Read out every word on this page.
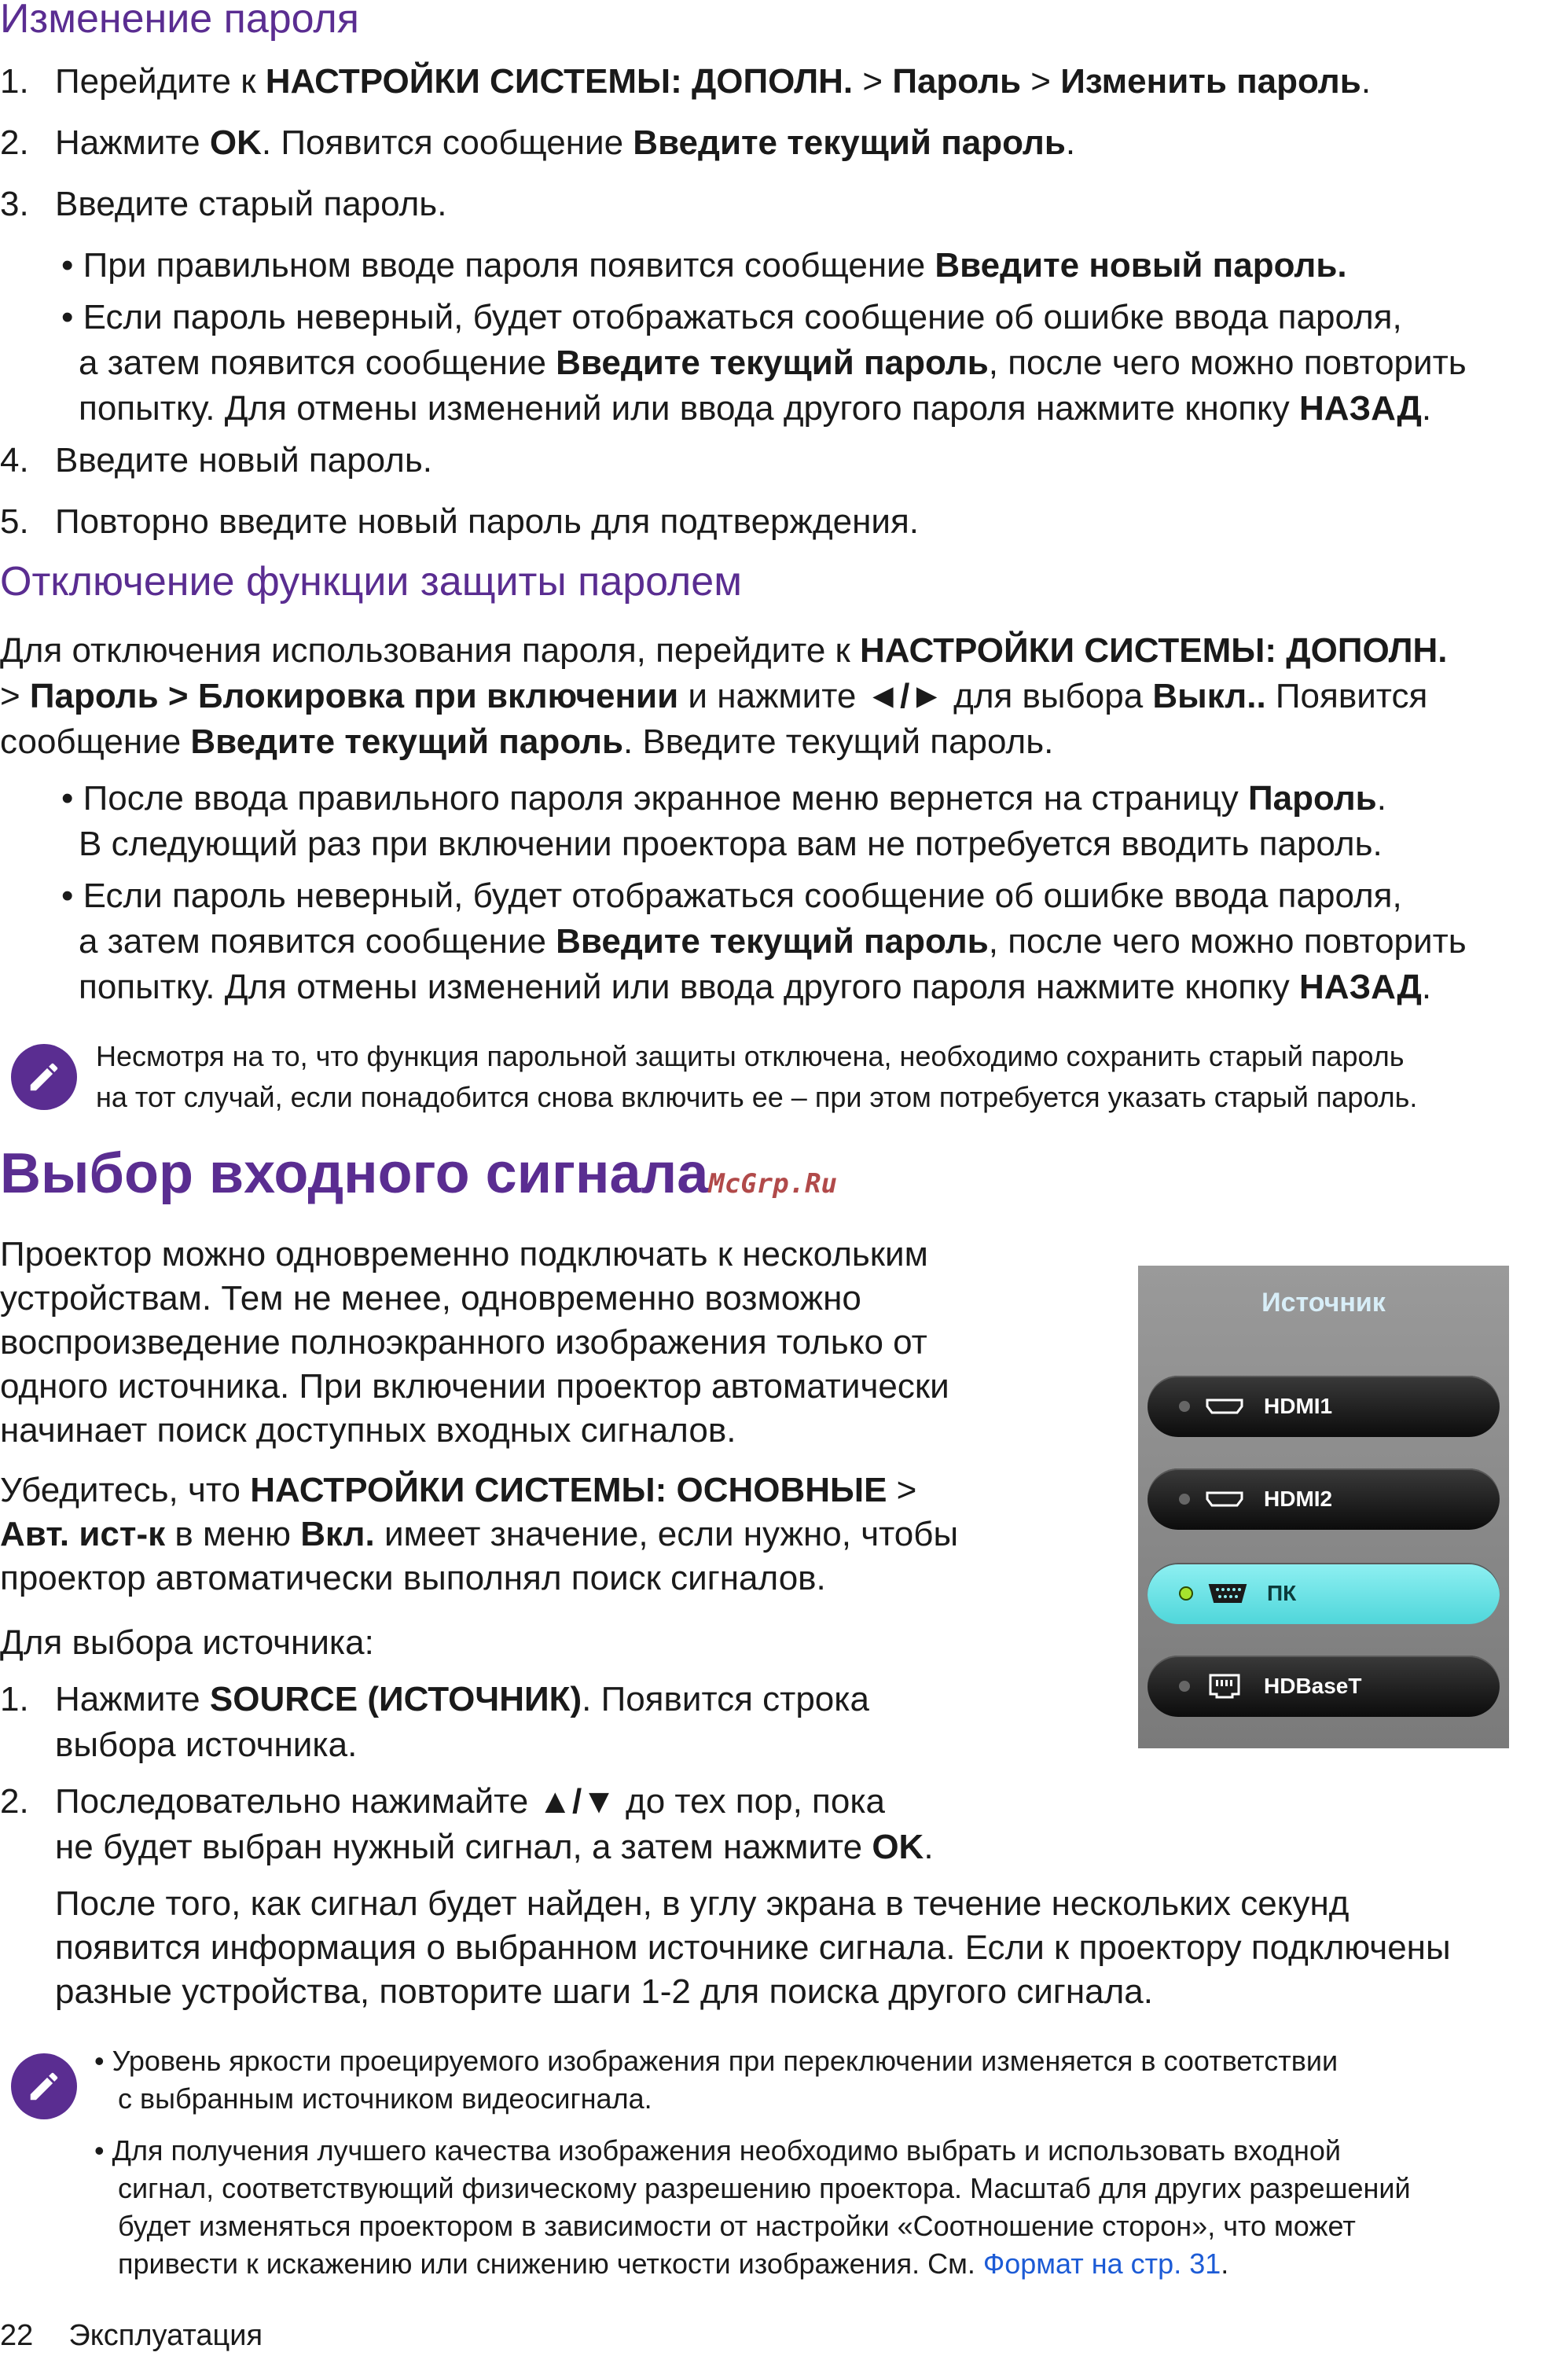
Изменение пароля

1. Перейдите к НАСТРОЙКИ СИСТЕМЫ: ДОПОЛН. > Пароль > Изменить пароль.

2. Нажмите OK. Появится сообщение Введите текущий пароль.

3. Введите старый пароль.

• При правильном вводе пароля появится сообщение Введите новый пароль.

• Если пароль неверный, будет отображаться сообщение об ошибке ввода пароля,

а затем появится сообщение Введите текущий пароль, после чего можно повторить

попытку. Для отмены изменений или ввода другого пароля нажмите кнопку НАЗАД.

4. Введите новый пароль.

5. Повторно введите новый пароль для подтверждения.

Отключение функции защиты паролем

Для отключения использования пароля, перейдите к НАСТРОЙКИ СИСТЕМЫ: ДОПОЛН.

> Пароль > Блокировка при включении и нажмите ◄/► для выбора Выкл.. Появится

сообщение Введите текущий пароль. Введите текущий пароль.

• После ввода правильного пароля экранное меню вернется на страницу Пароль.

В следующий раз при включении проектора вам не потребуется вводить пароль.

• Если пароль неверный, будет отображаться сообщение об ошибке ввода пароля,

а затем появится сообщение Введите текущий пароль, после чего можно повторить

попытку. Для отмены изменений или ввода другого пароля нажмите кнопку НАЗАД.

Несмотря на то, что функция парольной защиты отключена, необходимо сохранить старый пароль
на тот случай, если понадобится снова включить ее – при этом потребуется указать старый пароль.
Выбор входного сигналаMcGrp.Ru

Проектор можно одновременно подключать к нескольким

устройствам. Тем не менее, одновременно возможно

воспроизведение полноэкранного изображения только от

одного источника. При включении проектор автоматически

начинает поиск доступных входных сигналов.

Убедитесь, что НАСТРОЙКИ СИСТЕМЫ: ОСНОВНЫЕ >

Авт. ист-к в меню Вкл. имеет значение, если нужно, чтобы

проектор автоматически выполнял поиск сигналов.

Для выбора источника:

1. Нажмите SOURCE (ИСТОЧНИК). Появится строка

выбора источника.

2. Последовательно нажимайте ▲/▼ до тех пор, пока

не будет выбран нужный сигнал, а затем нажмите OK.

После того, как сигнал будет найден, в углу экрана в течение нескольких секунд

появится информация о выбранном источнике сигнала. Если к проектору подключены

разные устройства, повторите шаги 1-2 для поиска другого сигнала.

• Уровень яркости проецируемого изображения при переключении изменяется в соответствии
с выбранным источником видеосигнала.
• Для получения лучшего качества изображения необходимо выбрать и использовать входной
сигнал, соответствующий физическому разрешению проектора. Масштаб для других разрешений
будет изменяться проектором в зависимости от настройки «Соотношение сторон», что может
привести к искажению или снижению четкости изображения. См. Формат на стр. 31.
Источник
HDMI1
HDMI2
ПК
HDBaseT
22 Эксплуатация
